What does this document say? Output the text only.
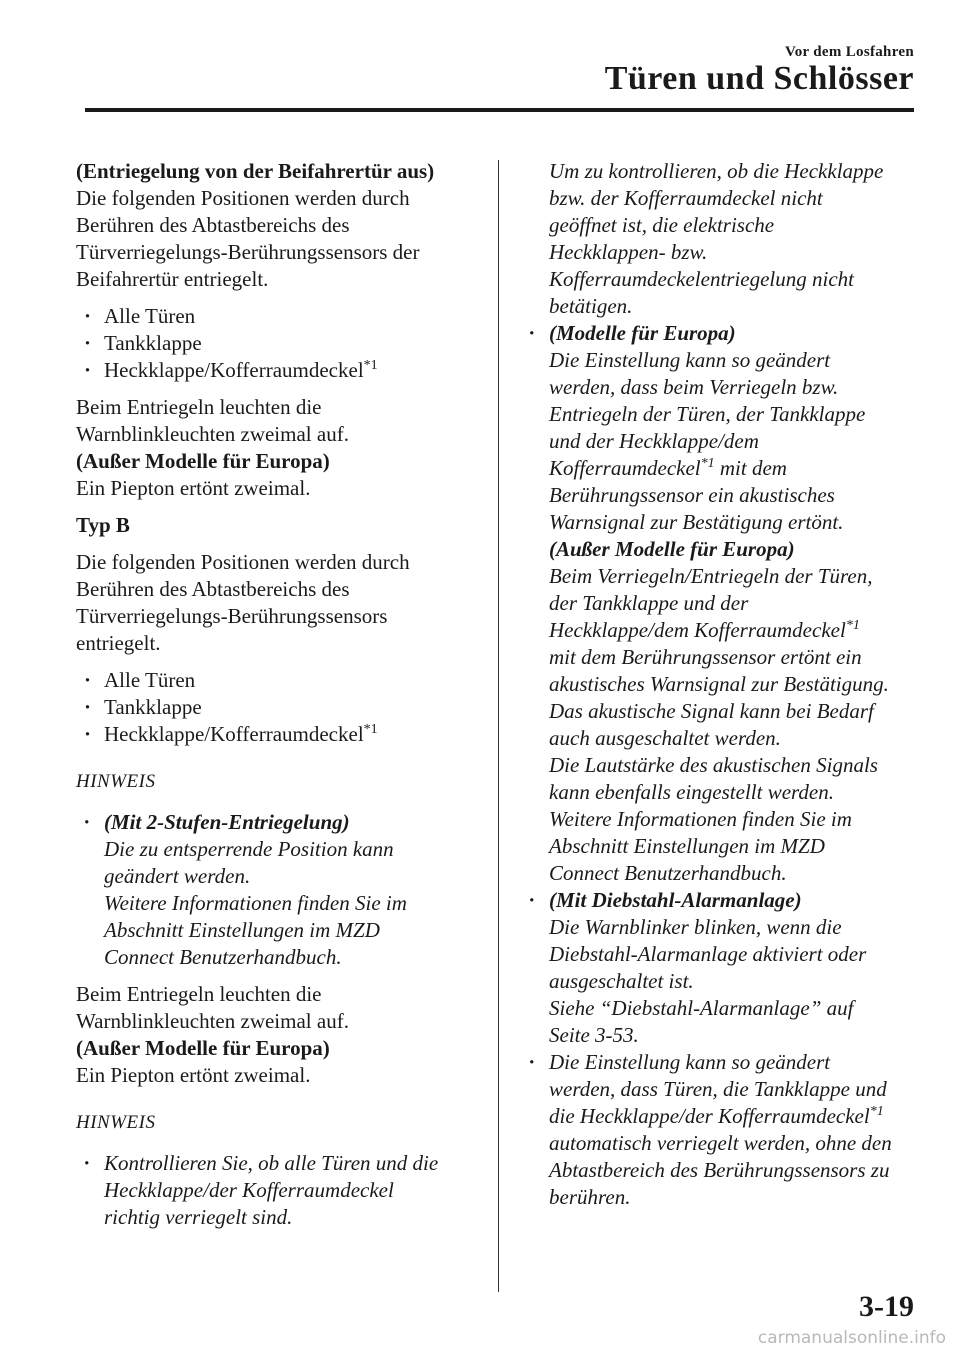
Vor dem Losfahren
Türen und Schlösser
(Entriegelung von der Beifahrertür aus)
Die folgenden Positionen werden durch
Berühren des Abtastbereichs des
Türverriegelungs-Berührungssensors der
Beifahrertür entriegelt.
· Alle Türen
· Tankklappe
· Heckklappe/Kofferraumdeckel$^{*1}$
Beim Entriegeln leuchten die
Warnblinkleuchten zweimal auf.
(Außer Modelle für Europa)
Ein Piepton ertönt zweimal.
Typ B
Die folgenden Positionen werden durch
Berühren des Abtastbereichs des
Türverriegelungs-Berührungssensors
entriegelt.
· Alle Türen
· Tankklappe
· Heckklappe/Kofferraumdeckel$^{*1}$
HINWEIS
· (Mit 2-Stufen-Entriegelung)
Die zu entsperrende Position kann
geändert werden.
Weitere Informationen finden Sie im
Abschnitt Einstellungen im MZD
Connect Benutzerhandbuch.
Beim Entriegeln leuchten die
Warnblinkleuchten zweimal auf.
(Außer Modelle für Europa)
Ein Piepton ertönt zweimal.
HINWEIS
· Kontrollieren Sie, ob alle Türen und die
Heckklappe/der Kofferraumdeckel
richtig verriegelt sind.
Um zu kontrollieren, ob die Heckklappe
bzw. der Kofferraumdeckel nicht
geöffnet ist, die elektrische
Heckklappen- bzw.
Kofferraumdeckelentriegelung nicht
betätigen.
· (Modelle für Europa)
Die Einstellung kann so geändert
werden, dass beim Verriegeln bzw.
Entriegeln der Türen, der Tankklappe
und der Heckklappe/dem
Kofferraumdeckel$^{*1}$ mit dem
Berührungssensor ein akustisches
Warnsignal zur Bestätigung ertönt.
(Außer Modelle für Europa)
Beim Verriegeln/Entriegeln der Türen,
der Tankklappe und der
Heckklappe/dem Kofferraumdeckel$^{*1}$
mit dem Berührungssensor ertönt ein
akustisches Warnsignal zur Bestätigung.
Das akustische Signal kann bei Bedarf
auch ausgeschaltet werden.
Die Lautstärke des akustischen Signals
kann ebenfalls eingestellt werden.
Weitere Informationen finden Sie im
Abschnitt Einstellungen im MZD
Connect Benutzerhandbuch.
· (Mit Diebstahl-Alarmanlage)
Die Warnblinker blinken, wenn die
Diebstahl-Alarmanlage aktiviert oder
ausgeschaltet ist.
Siehe “Diebstahl-Alarmanlage” auf
Seite 3-53.
· Die Einstellung kann so geändert
werden, dass Türen, die Tankklappe und
die Heckklappe/der Kofferraumdeckel$^{*1}$
automatisch verriegelt werden, ohne den
Abtastbereich des Berührungssensors zu
berühren.
3-19
carmanualsonline.info
